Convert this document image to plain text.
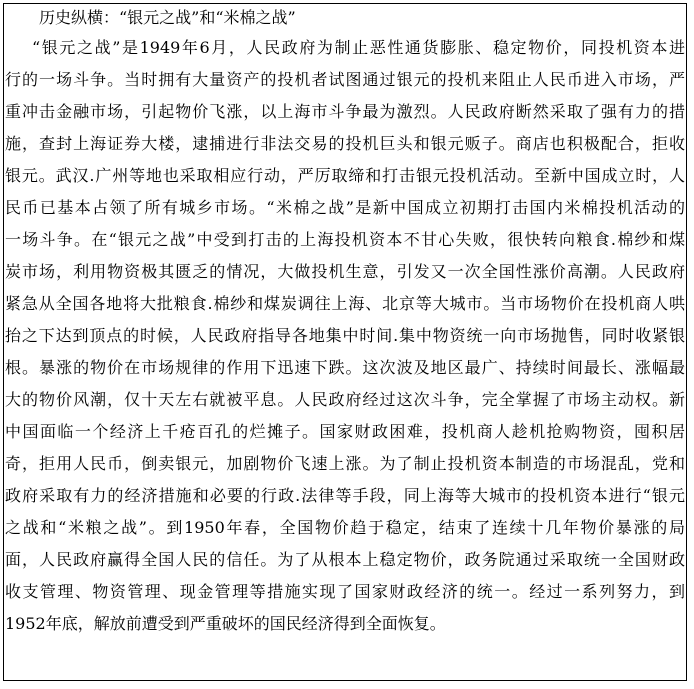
历史纵横：“银元之战”和“米棉之战”
“银元之战”是1949年6月，人民政府为制止恶性通货膨胀、稳定物价，同投机资本进
行的一场斗争。当时拥有大量资产的投机者试图通过银元的投机来阻止人民币进入市场，严
重冲击金融市场，引起物价飞涨，以上海市斗争最为激烈。人民政府断然采取了强有力的措
施，查封上海证券大楼，逮捕进行非法交易的投机巨头和银元贩子。商店也积极配合，拒收
银元。武汉.广州等地也采取相应行动，严厉取缔和打击银元投机活动。至新中国成立时，人
民币已基本占领了所有城乡市场。“米棉之战”是新中国成立初期打击国内米棉投机活动的
一场斗争。在“银元之战”中受到打击的上海投机资本不甘心失败，很快转向粮食.棉纱和煤
炭市场，利用物资极其匮乏的情况，大做投机生意，引发又一次全国性涨价高潮。人民政府
紧急从全国各地将大批粮食.棉纱和煤炭调往上海、北京等大城市。当市场物价在投机商人哄
抬之下达到顶点的时候，人民政府指导各地集中时间.集中物资统一向市场抛售，同时收紧银
根。暴涨的物价在市场规律的作用下迅速下跌。这次波及地区最广、持续时间最长、涨幅最
大的物价风潮，仅十天左右就被平息。人民政府经过这次斗争，完全掌握了市场主动权。新
中国面临一个经济上千疮百孔的烂摊子。国家财政困难，投机商人趁机抢购物资，囤积居
奇，拒用人民币，倒卖银元，加剧物价飞速上涨。为了制止投机资本制造的市场混乱，党和
政府采取有力的经济措施和必要的行政.法律等手段，同上海等大城市的投机资本进行“银元
之战和“米粮之战”。到1950年春，全国物价趋于稳定，结束了连续十几年物价暴涨的局
面，人民政府赢得全国人民的信任。为了从根本上稳定物价，政务院通过采取统一全国财政
收支管理、物资管理、现金管理等措施实现了国家财政经济的统一。经过一系列努力，到
1952年底，解放前遭受到严重破坏的国民经济得到全面恢复。
